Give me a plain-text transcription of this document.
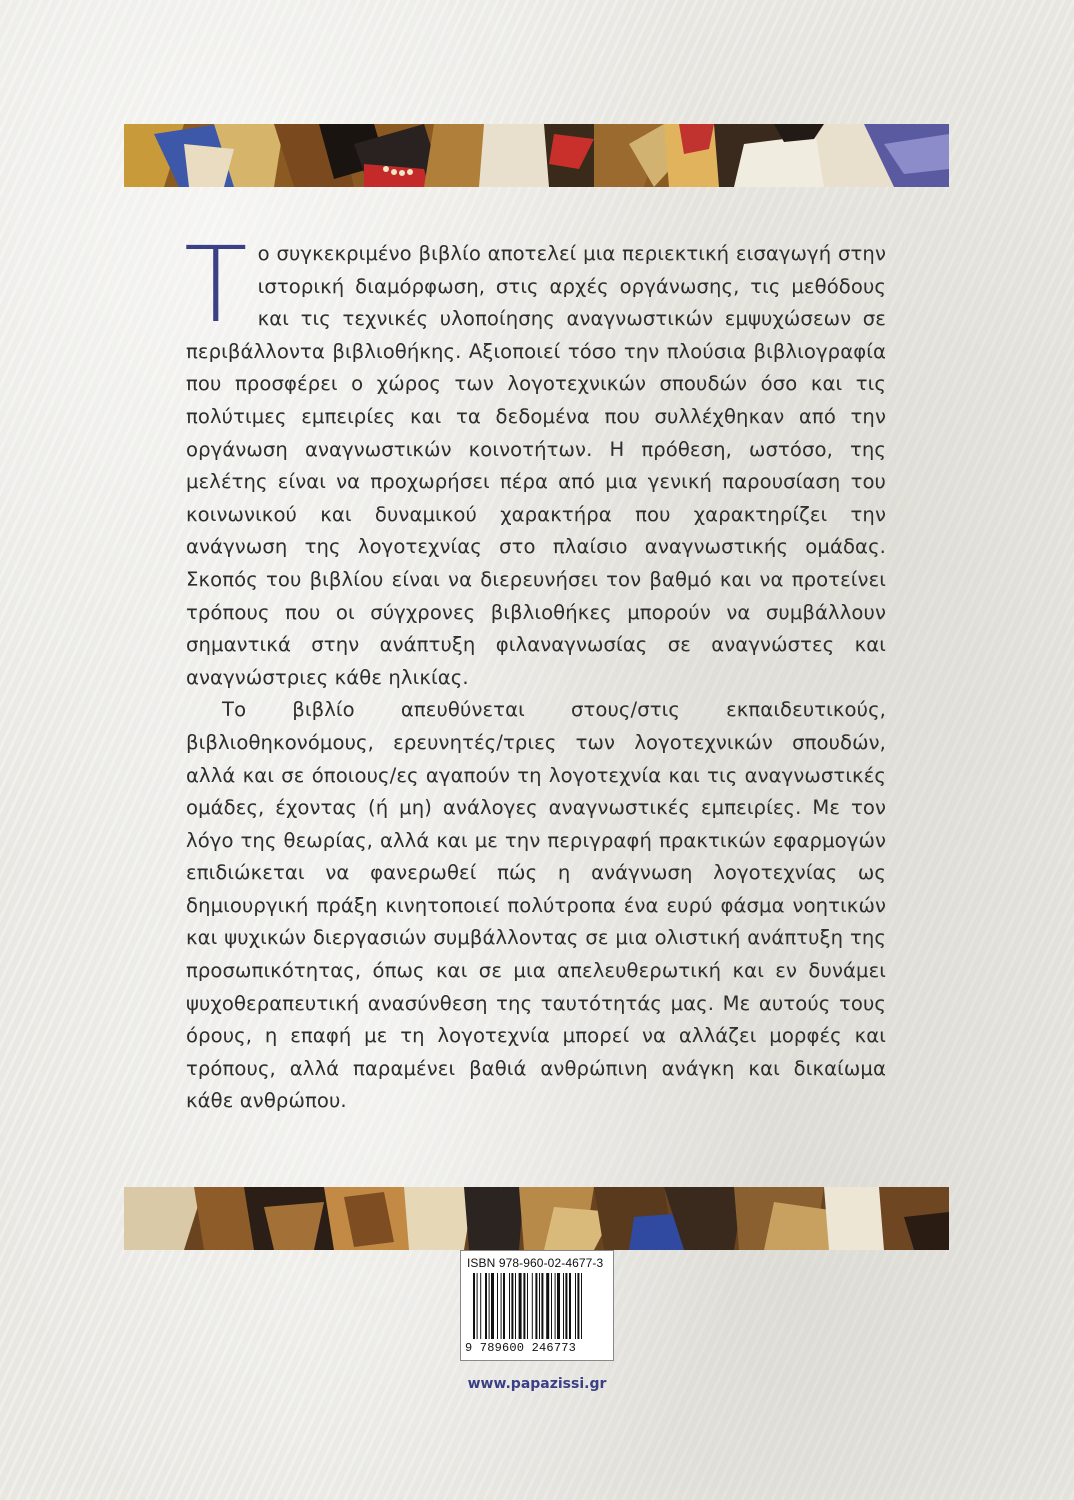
Τ ο συγκεκριμένο βιβλίο αποτελεί μια περιεκτική εισαγωγή στην ιστορική διαμόρφωση, στις αρχές οργάνωσης, τις μεθόδους και τις τεχνικές υλοποίησης αναγνωστικών εμψυχώσεων σε περιβάλλοντα βιβλιοθήκης. Αξιοποιεί τόσο την πλούσια βιβλιογραφία που προσφέρει ο χώρος των λογοτεχνικών σπουδών όσο και τις πολύτιμες εμπειρίες και τα δεδομένα που συλλέχθηκαν από την οργάνωση αναγνωστικών κοινοτήτων. Η πρόθεση, ωστόσο, της μελέτης είναι να προχωρήσει πέρα από μια γενική παρουσίαση του κοινωνικού και δυναμικού χαρακτήρα που χαρακτηρίζει την ανάγνωση της λογοτεχνίας στο πλαίσιο αναγνωστικής ομάδας. Σκοπός του βιβλίου είναι να διερευνήσει τον βαθμό και να προτείνει τρόπους που οι σύγχρονες βιβλιοθήκες μπορούν να συμβάλλουν σημαντικά στην ανάπτυξη φιλαναγνωσίας σε αναγνώστες και αναγνώστριες κάθε ηλικίας.

Το βιβλίο απευθύνεται στους/στις εκπαιδευτικούς, βιβλιοθηκονόμους, ερευνητές/τριες των λογοτεχνικών σπουδών, αλλά και σε όποιους/ες αγαπούν τη λογοτεχνία και τις αναγνωστικές ομάδες, έχοντας (ή μη) ανάλογες αναγνωστικές εμπειρίες. Με τον λόγο της θεωρίας, αλλά και με την περιγραφή πρακτικών εφαρμογών επιδιώκεται να φανερωθεί πώς η ανάγνωση λογοτεχνίας ως δημιουργική πράξη κινητοποιεί πολύτροπα ένα ευρύ φάσμα νοητικών και ψυχικών διεργασιών συμβάλλοντας σε μια ολιστική ανάπτυξη της προσωπικότητας, όπως και σε μια απελευθερωτική και εν δυνάμει ψυχοθεραπευτική ανασύνθεση της ταυτότητάς μας. Με αυτούς τους όρους, η επαφή με τη λογοτεχνία μπορεί να αλλάζει μορφές και τρόπους, αλλά παραμένει βαθιά ανθρώπινη ανάγκη και δικαίωμα κάθε ανθρώπου.

ISBN 978-960-02-4677-3
9 789600 246773
www.papazissi.gr
